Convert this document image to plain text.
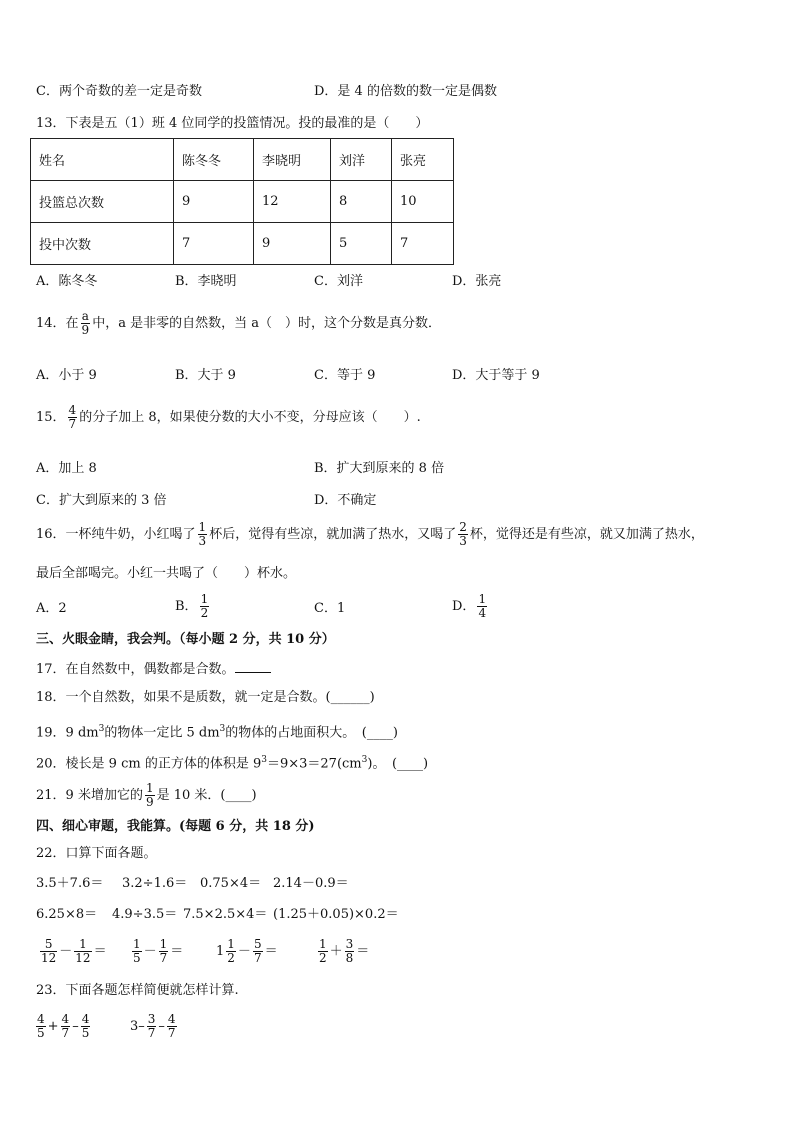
C．两个奇数的差一定是奇数	D．是 4 的倍数的数一定是偶数
13．下表是五（1）班 4 位同学的投篮情况。投的最准的是（　　）
姓名	陈冬冬	李晓明	刘洋	张亮
投篮总次数	9	12	8	10
投中次数	7	9	5	7
A．陈冬冬	B．李晓明	C．刘洋	D．张亮
14．在 $\frac{a}{9}$ 中，a 是非零的自然数，当 a（　）时，这个分数是真分数．
A．小于 9	B．大于 9	C．等于 9	D．大于等于 9
15． $\frac{4}{7}$ 的分子加上 8，如果使分数的大小不变，分母应该（　　）.
A．加上 8	B．扩大到原来的 8 倍
C．扩大到原来的 3 倍	D．不确定
16．一杯纯牛奶，小红喝了 $\frac{1}{3}$ 杯后，觉得有些凉，就加满了热水，又喝了 $\frac{2}{3}$ 杯，觉得还是有些凉，就又加满了热水，
最后全部喝完。小红一共喝了（　　）杯水。
A．2	B． $\frac{1}{2}$	C．1	D． $\frac{1}{4}$
三、火眼金睛，我会判。（每小题 2 分，共 10 分）
17．在自然数中，偶数都是合数。
18．一个自然数，如果不是质数，就一定是合数。(______)
19．9 $dm^3$的物体一定比 5 $dm^3$的物体的占地面积大。　(____)
20．棱长是 9 cm 的正方体的体积是 $9^3=9\times 3=27(cm^3)$。　(____)
21．9 米增加它的 $\frac{1}{9}$ 是 10 米．(____)
四、细心审题，我能算。(每题 6 分，共 18 分)
22．口算下面各题。
3.5＋7.6＝ 3.2÷1.6＝ 0.75×4＝ 2.14－0.9＝
6.25×8＝ 4.9÷3.5＝ 7.5×2.5×4＝ (1.25＋0.05)×0.2＝
$\frac{5}{12} - \frac{1}{12} = \frac{1}{5} - \frac{1}{7}$ ＝	$1 \frac{1}{2} - \frac{5}{7}$ ＝	$\frac{1}{2} + \frac{3}{8}$ ＝
23．下面各题怎样简便就怎样计算.
$\frac{4}{5} + \frac{4}{7} - \frac{4}{5}$	$3- \frac{3}{7} - \frac{4}{7}$
